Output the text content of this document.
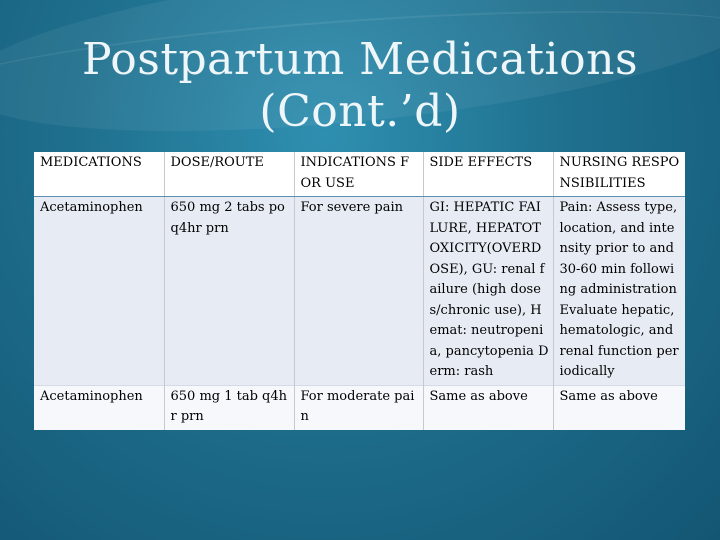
Postpartum Medications
(Cont.’d)
MEDICATIONS	DOSE/ROUTE	INDICATIONS FOR USE	SIDE EFFECTS	NURSING RESPONSIBILITIES
Acetaminophen	650 mg 2 tabs po q4hr prn	For severe pain	GI: HEPATIC FAILURE, HEPATOTOXICITY(OVERDOSE), GU: renal failure (high doses/chronic use), Hemat: neutropenia, pancytopenia Derm: rash	Pain: Assess type, location, and intensity prior to and 30-60 min following administration Evaluate hepatic, hematologic, and renal function periodically
Acetaminophen	650 mg 1 tab q4hr prn	For moderate pain	Same as above	Same as above
